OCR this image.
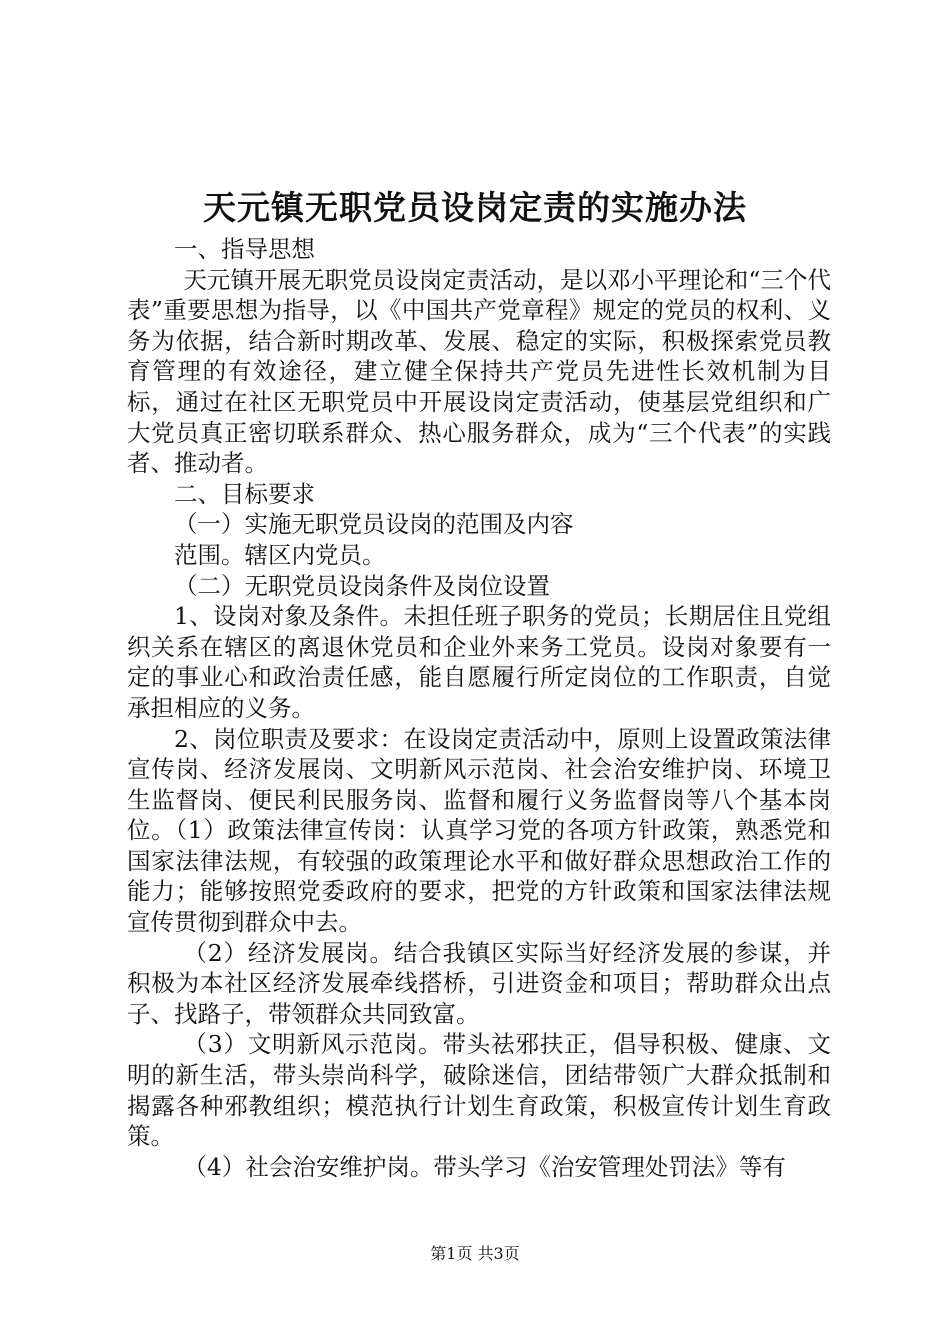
天元镇无职党员设岗定责的实施办法

一、指导思想

天元镇开展无职党员设岗定责活动，是以邓小平理论和“三个代表”重要思想为指导，以《中国共产党章程》规定的党员的权利、义务为依据，结合新时期改革、发展、稳定的实际，积极探索党员教育管理的有效途径，建立健全保持共产党员先进性长效机制为目标，通过在社区无职党员中开展设岗定责活动，使基层党组织和广大党员真正密切联系群众、热心服务群众，成为“三个代表”的实践者、推动者。

二、目标要求

（一）实施无职党员设岗的范围及内容

范围。辖区内党员。

（二）无职党员设岗条件及岗位设置

1、设岗对象及条件。未担任班子职务的党员；长期居住且党组织关系在辖区的离退休党员和企业外来务工党员。设岗对象要有一定的事业心和政治责任感，能自愿履行所定岗位的工作职责，自觉承担相应的义务。

2、岗位职责及要求：在设岗定责活动中，原则上设置政策法律宣传岗、经济发展岗、文明新风示范岗、社会治安维护岗、环境卫生监督岗、便民利民服务岗、监督和履行义务监督岗等八个基本岗位。（1）政策法律宣传岗：认真学习党的各项方针政策，熟悉党和国家法律法规，有较强的政策理论水平和做好群众思想政治工作的能力；能够按照党委政府的要求，把党的方针政策和国家法律法规宣传贯彻到群众中去。

（2）经济发展岗。结合我镇区实际当好经济发展的参谋，并积极为本社区经济发展牵线搭桥，引进资金和项目；帮助群众出点子、找路子，带领群众共同致富。

（3）文明新风示范岗。带头祛邪扶正，倡导积极、健康、文明的新生活，带头崇尚科学，破除迷信，团结带领广大群众抵制和揭露各种邪教组织；模范执行计划生育政策，积极宣传计划生育政策。

（4）社会治安维护岗。带头学习《治安管理处罚法》等有

第1页 共3页
